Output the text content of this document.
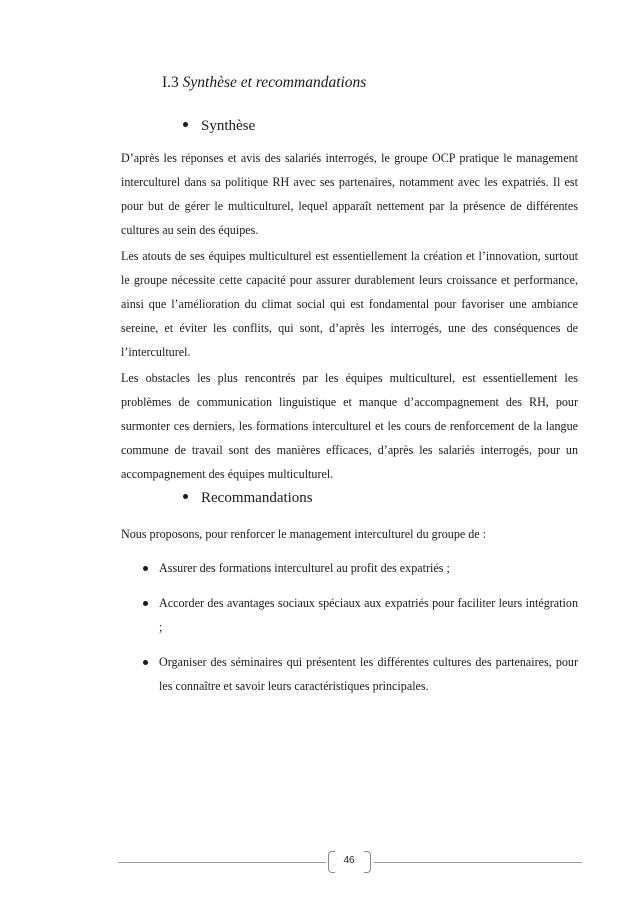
I.3 Synthèse et recommandations
Synthèse

D’après les réponses et avis des salariés interrogés, le groupe OCP pratique le management interculturel dans sa politique RH avec ses partenaires, notamment avec les expatriés. Il est pour but de gérer le multiculturel, lequel apparaît nettement par la présence de différentes cultures au sein des équipes.

Les atouts de ses équipes multiculturel est essentiellement la création et l’innovation, surtout le groupe nécessite cette capacité pour assurer durablement leurs croissance et performance, ainsi que l’amélioration du climat social qui est fondamental pour favoriser une ambiance sereine, et éviter les conflits, qui sont, d’après les interrogés, une des conséquences de l’interculturel.

Les obstacles les plus rencontrés par les équipes multiculturel, est essentiellement les problèmes de communication linguistique et manque d’accompagnement des RH, pour surmonter ces derniers, les formations interculturel et les cours de renforcement de la langue commune de travail sont des manières efficaces, d’après les salariés interrogés, pour un accompagnement des équipes multiculturel.

Recommandations

Nous proposons, pour renforcer le management interculturel du groupe de :

Assurer des formations interculturel au profit des expatriés ;
Accorder des avantages sociaux spéciaux aux expatriés pour faciliter leurs intégration ;
Organiser des séminaires qui présentent les différentes cultures des partenaires, pour les connaître et savoir leurs caractéristiques principales.
46
